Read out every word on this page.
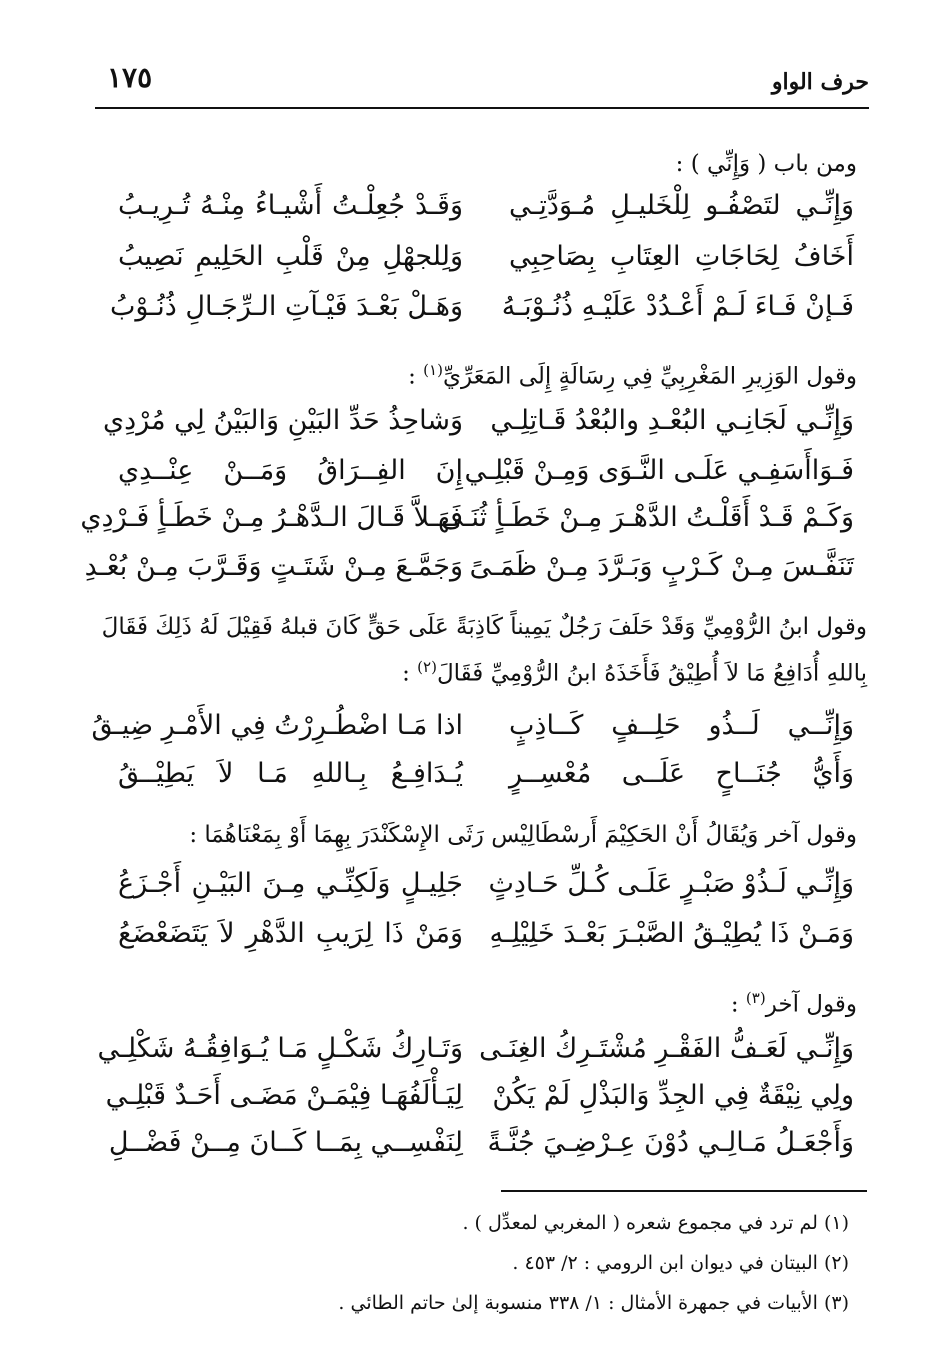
حرف الواو
١٧٥
ومن باب ( وَإِنِّي ) :
وَإِنِّـي لتَصْفُـو لِلْخَليـلِ مُـوَدَّتِـي
وَقَـدْ جُعِلْـتُ أَشْيـاءُ مِنْـهُ تُـرِيـبُ
أَخَافُ لِحَاجَاتِ العِتَابِ بِصَاحِبِي
وَلِلجهْلِ مِنْ قَلْبِ الحَلِيمِ نَصِيبُ
فَـإنْ فَـاءَ لَـمْ أَعْـدُدْ عَلَيْـهِ ذُنُـوْبَـهُ
وَهَـلْ بَعْـدَ فَيْـآتِ الـرِّجَـالِ ذُنُـوْبُ
وقول الوَزِيرِ المَغْرِبِيِّ فِي رِسَالَةٍ إِلَى المَعَرِّيِّ$^{(١)}$ :
وَإِنِّـي لَجَانِـي البُعْـدِ والبُعْدُ قَـاتِلِـي
وَشاحِذُ حَدِّ البَيْنِ وَالبَيْنُ لِي مُرْدِي
فَـوَاأَسَفِـي عَلَـى النَّـوَى وَمِـنْ قَبْلِـي
إِنَ الفِــرَاقُ وَمَــنْ عِنْــدِي
وَكَـمْ قَـدْ أَقَلْـتُ الدَّهْـرَ مِـنْ خَطَـأٍ ثُنَـى
فَهَـلاَّ قَـالَ الـدَّهْـرُ مِـنْ خَطَـأٍ فَـرْدِي
تَنَفَّـسَ مِـنْ كَـرْبٍ وَبَـرَّدَ مِـنْ ظَمَـىً
وَجَمَّـعَ مِـنْ شَتَـتٍ وَقَـرَّبَ مِـنْ بُعْـدِ
وقول ابنُ الرُّوْمِيِّ وَقَدْ حَلَفَ رَجُلٌ يَمِيناً كَاذِبَةً عَلَى حَقٍّ كَانَ قبلهُ فَقِيْلَ لَهُ ذَلِكَ فَقَالَ بِاللهِ أُدَافِعُ مَا لاَ أُطِيْقُ فَأَخَذَهُ ابنُ الرُّوْمِيِّ فَقَالَ$^{(٢)}$ :
وَإِنِّــي لَــذُو حَلِــفٍ كَــاذِبٍ
اذا مَـا اضْطُـرِرْتُ فِي الأَمْـرِ ضِيـقُ
وَأَيُّ جُنَــاحٍ عَلَــى مُعْسِــرٍ
يُـدَافِـعُ بِـاللهِ مَـا لاَ يَطِيْــقُ
وقول آخر وَيُقَالُ أَنْ الحَكِيْمَ أَرسْطَالِيْس رَثَى الإِسْكَنْدَرَ بِهِمَا أَوْ بِمَعْنَاهُمَا :
وَإِنِّـي لَـذُوْ صَبْـرٍ عَلَـى كُـلِّ حَـادِثٍ
جَلِيـلٍ وَلَكِنِّـي مِـنَ البَيْـنِ أَجْـزَعُ
وَمَـنْ ذَا يُطِيْـقُ الصَّبْـرَ بَعْـدَ خَلِيْلِـهِ
وَمَنْ ذَا لِرَيبِ الدَّهْرِ لاَ يَتَضَعْضَعُ
وقول آخر$^{(٣)}$ :
وَإِنِّـي لَعَـفُّ الفَقْـرِ مُشْتَـرِكُ الغِنَـى
وَتَـارِكُ شَكْـلٍ مَـا يُـوَافِقُـهُ شَكْلِـي
ولِي نِيْقَةٌ فِي الجِدِّ وَالبَذْلِ لَمْ يَكُنْ
لِيَـأْلَفُهَـا فِيْمَـنْ مَضَـى أَحَـدٌ قَبْلِـي
وَأَجْعَـلُ مَـالِـي دُوْنَ عِـرْضِـيَ جُنَّـةً
لِنَفْسِــي بِمَــا كَــانَ مِــنْ فَضْــلِ
(١) لم ترد في مجموع شعره ( المغربي لمعدِّل ) .
(٢) البيتان في ديوان ابن الرومي : ٢/ ٤٥٣ .
(٣) الأبيات في جمهرة الأمثال : ١/ ٣٣٨ منسوبة إلىٰ حاتم الطائي .
